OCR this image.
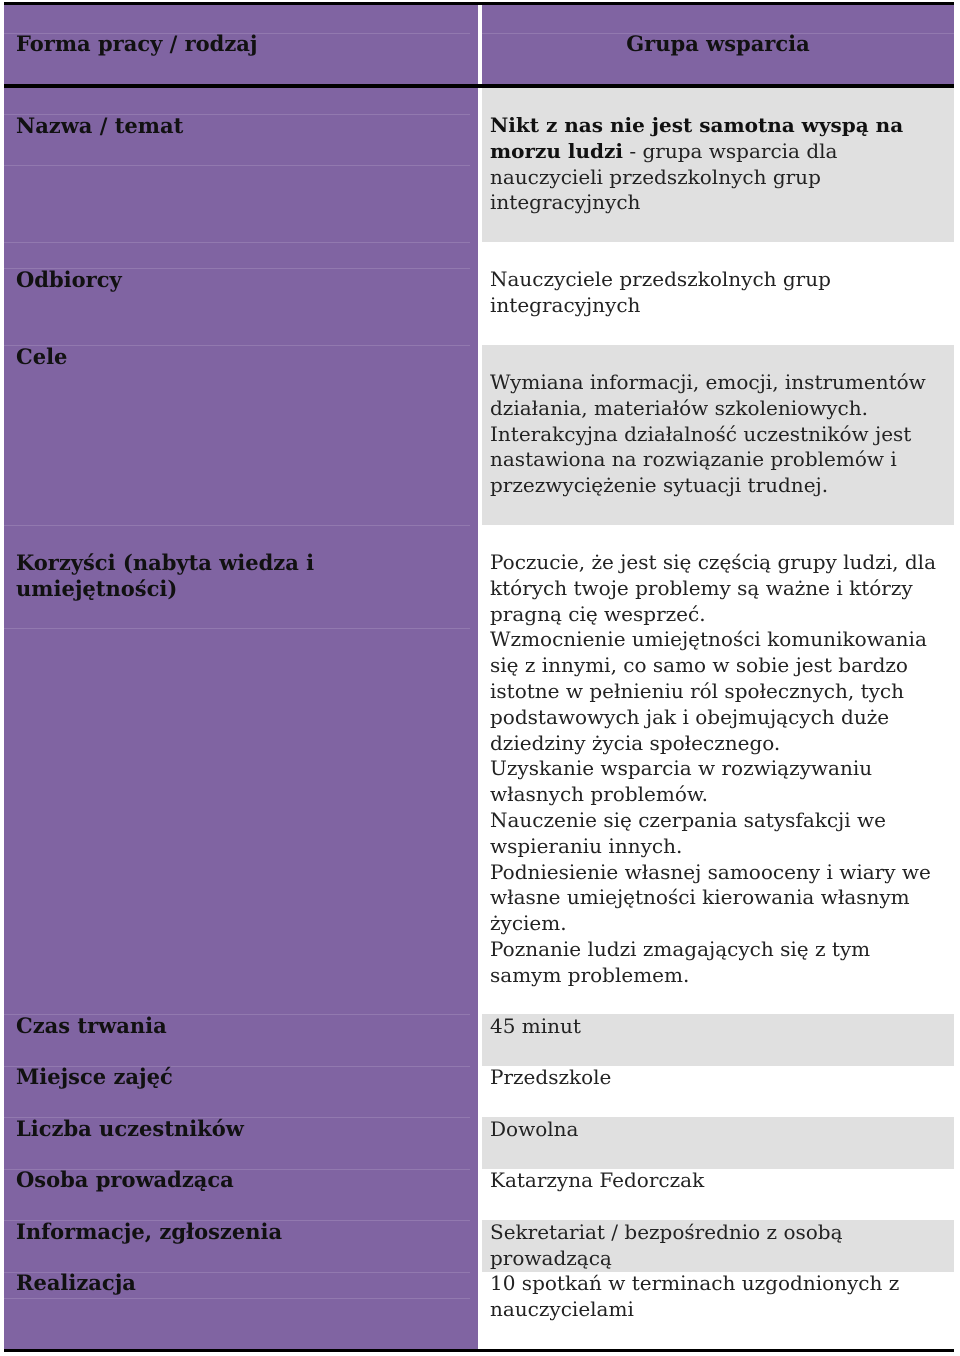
Forma pracy / rodzaj	Grupa wsparcia
Nazwa / temat
Odbiorcy
Cele
Korzyści (nabyta wiedza i umiejętności)
Czas trwania
Miejsce zajęć
Liczba uczestników
Osoba prowadząca
Informacje, zgłoszenia
Realizacja
Nikt z nas nie jest samotna wyspą na morzu ludzi - grupa wsparcia dla nauczycieli przedszkolnych grup integracyjnych
Nauczyciele przedszkolnych grup integracyjnych
Wymiana informacji, emocji, instrumentów działania, materiałów szkoleniowych. Interakcyjna działalność uczestników jest nastawiona na rozwiązanie problemów i przezwyciężenie sytuacji trudnej.
Poczucie, że jest się częścią grupy ludzi, dla których twoje problemy są ważne i którzy pragną cię wesprzeć.
Wzmocnienie umiejętności komunikowania się z innymi, co samo w sobie jest bardzo istotne w pełnieniu ról społecznych, tych podstawowych jak i obejmujących duże dziedziny życia społecznego.
Uzyskanie wsparcia w rozwiązywaniu własnych problemów.
Nauczenie się czerpania satysfakcji we wspieraniu innych.
Podniesienie własnej samooceny i wiary we własne umiejętności kierowania własnym życiem.
Poznanie ludzi zmagających się z tym samym problemem.
45 minut
Przedszkole
Dowolna
Katarzyna Fedorczak
Sekretariat / bezpośrednio z osobą prowadzącą
10 spotkań w terminach uzgodnionych z nauczycielami
